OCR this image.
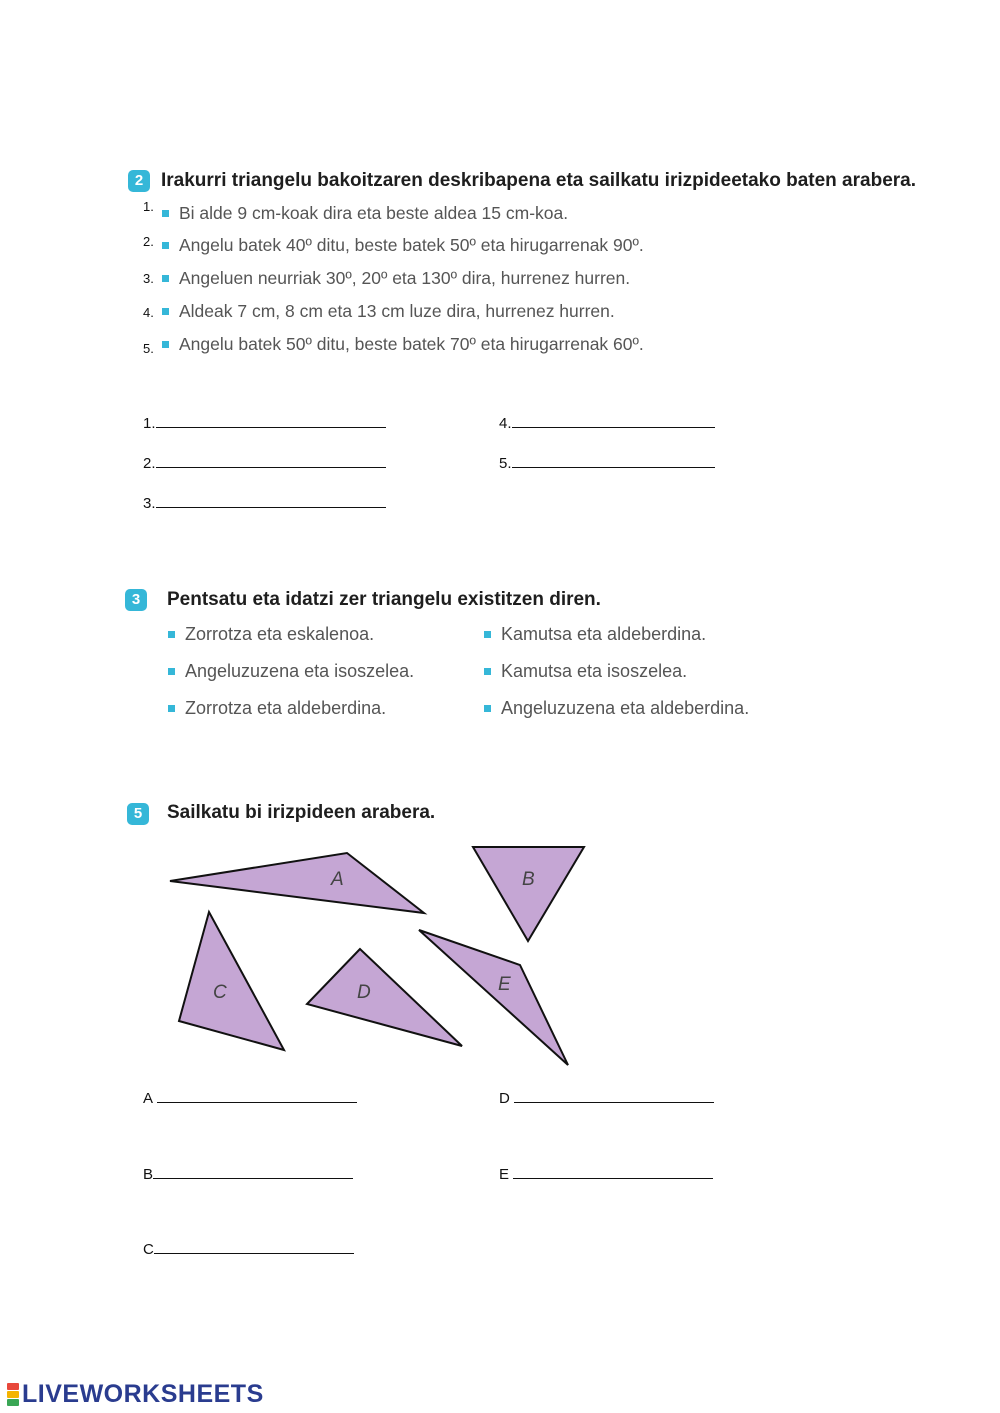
2 Irakurri triangelu bakoitzaren deskribapena eta sailkatu irizpideetako baten arabera.
1.	Bi alde 9 cm-koak dira eta beste aldea 15 cm-koa.
2.	Angelu batek 40º ditu, beste batek 50º eta hirugarrenak 90º.
3.	Angeluen neurriak 30º, 20º eta 130º dira, hurrenez hurren.
4.	Aldeak 7 cm, 8 cm eta 13 cm luze dira, hurrenez hurren.
5.	Angelu batek 50º ditu, beste batek 70º eta hirugarrenak 60º.
1.
2.
3.
4.
5.
3	Pentsatu eta idatzi zer triangelu existitzen diren.
Zorrotza eta eskalenoa.
Angeluzuzena eta isoszelea.
Zorrotza eta aldeberdina.
Kamutsa eta aldeberdina.
Kamutsa eta isoszelea.
Angeluzuzena eta aldeberdina.
5	Sailkatu bi irizpideen arabera.
A	B
C	D	E
A
B
C
D
E
LIVEWORKSHEETS
